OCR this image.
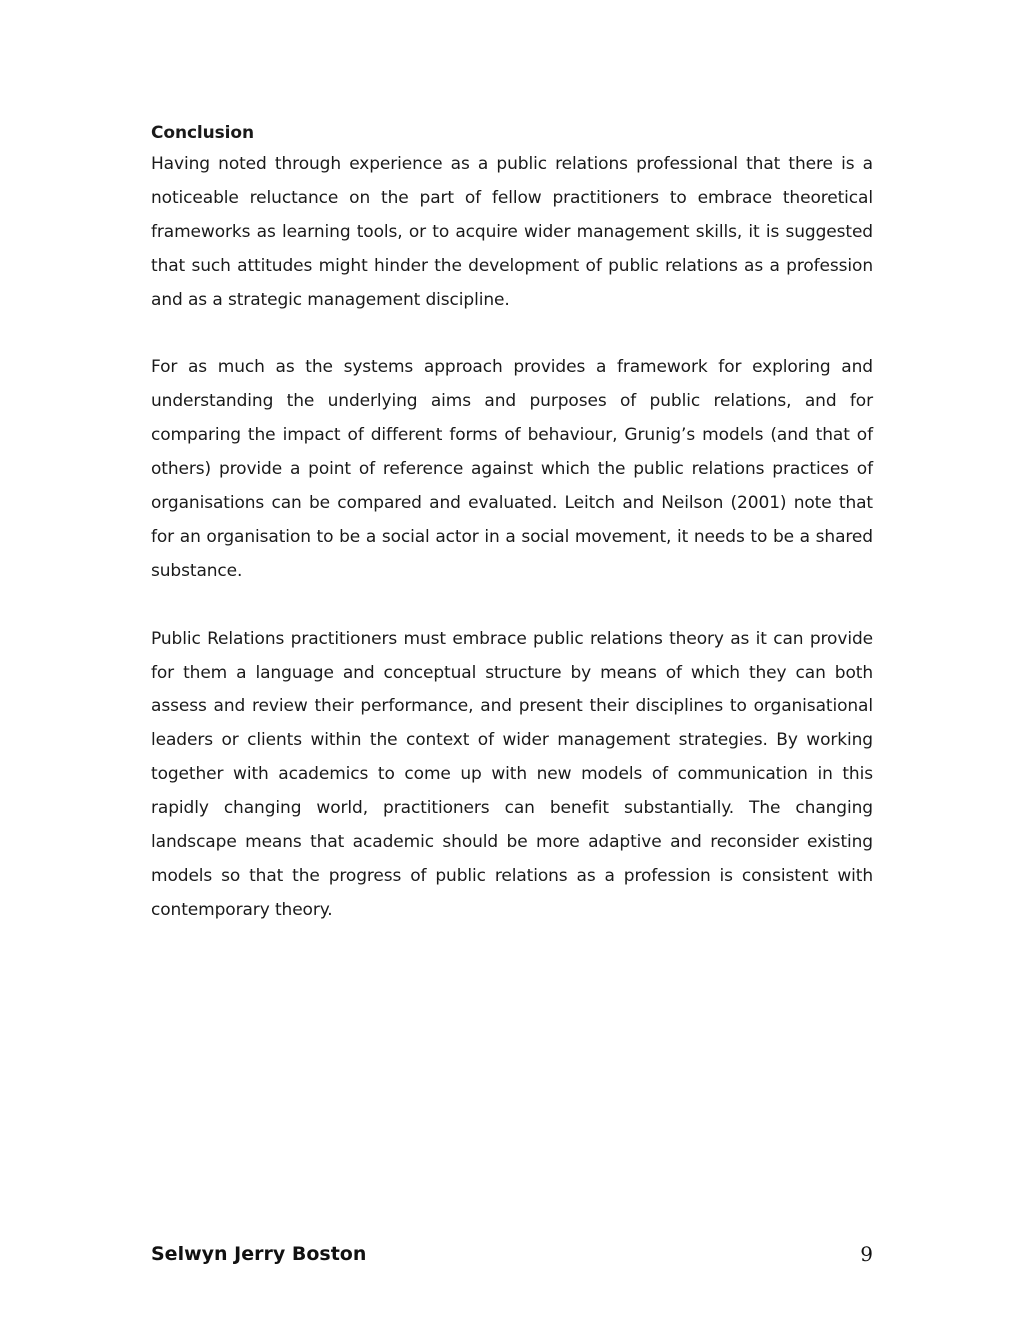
Conclusion

Having noted through experience as a public relations professional that there is a noticeable reluctance on the part of fellow practitioners to embrace theoretical frameworks as learning tools, or to acquire wider management skills, it is suggested that such attitudes might hinder the development of public relations as a profession and as a strategic management discipline.

For as much as the systems approach provides a framework for exploring and understanding the underlying aims and purposes of public relations, and for comparing the impact of different forms of behaviour, Grunig’s models (and that of others) provide a point of reference against which the public relations practices of organisations can be compared and evaluated. Leitch and Neilson (2001) note that for an organisation to be a social actor in a social movement, it needs to be a shared substance.

Public Relations practitioners must embrace public relations theory as it can provide for them a language and conceptual structure by means of which they can both assess and review their performance, and present their disciplines to organisational leaders or clients within the context of wider management strategies. By working together with academics to come up with new models of communication in this rapidly changing world, practitioners can benefit substantially. The changing landscape means that academic should be more adaptive and reconsider existing models so that the progress of public relations as a profession is consistent with contemporary theory.

Selwyn Jerry Boston	9
